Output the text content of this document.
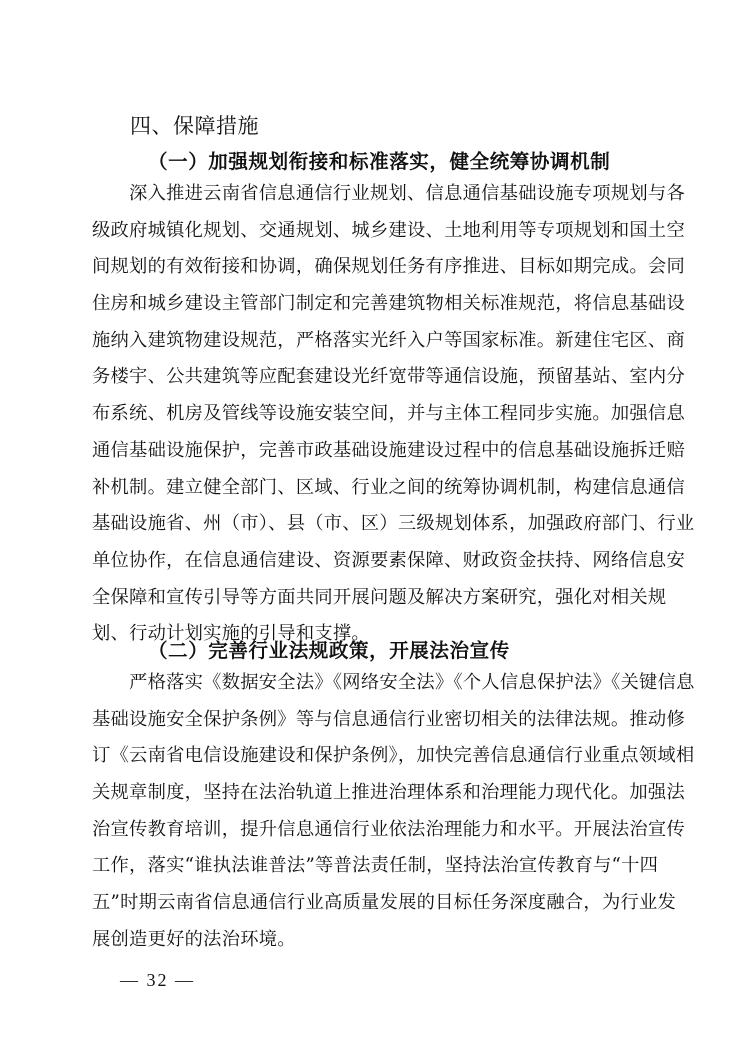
四、保障措施
（一）加强规划衔接和标准落实，健全统筹协调机制
　　深入推进云南省信息通信行业规划、信息通信基础设施专项规划与各
级政府城镇化规划、交通规划、城乡建设、土地利用等专项规划和国土空
间规划的有效衔接和协调，确保规划任务有序推进、目标如期完成。会同
住房和城乡建设主管部门制定和完善建筑物相关标准规范，将信息基础设
施纳入建筑物建设规范，严格落实光纤入户等国家标准。新建住宅区、商
务楼宇、公共建筑等应配套建设光纤宽带等通信设施，预留基站、室内分
布系统、机房及管线等设施安装空间，并与主体工程同步实施。加强信息
通信基础设施保护，完善市政基础设施建设过程中的信息基础设施拆迁赔
补机制。建立健全部门、区域、行业之间的统筹协调机制，构建信息通信
基础设施省、州（市）、县（市、区）三级规划体系，加强政府部门、行业
单位协作，在信息通信建设、资源要素保障、财政资金扶持、网络信息安
全保障和宣传引导等方面共同开展问题及解决方案研究，强化对相关规
划、行动计划实施的引导和支撑。
（二）完善行业法规政策，开展法治宣传
　　严格落实《数据安全法》《网络安全法》《个人信息保护法》《关键信息
基础设施安全保护条例》等与信息通信行业密切相关的法律法规。推动修
订《云南省电信设施建设和保护条例》，加快完善信息通信行业重点领域相
关规章制度，坚持在法治轨道上推进治理体系和治理能力现代化。加强法
治宣传教育培训，提升信息通信行业依法治理能力和水平。开展法治宣传
工作，落实“谁执法谁普法”等普法责任制，坚持法治宣传教育与“十四
五”时期云南省信息通信行业高质量发展的目标任务深度融合，为行业发
展创造更好的法治环境。
— 32 —
